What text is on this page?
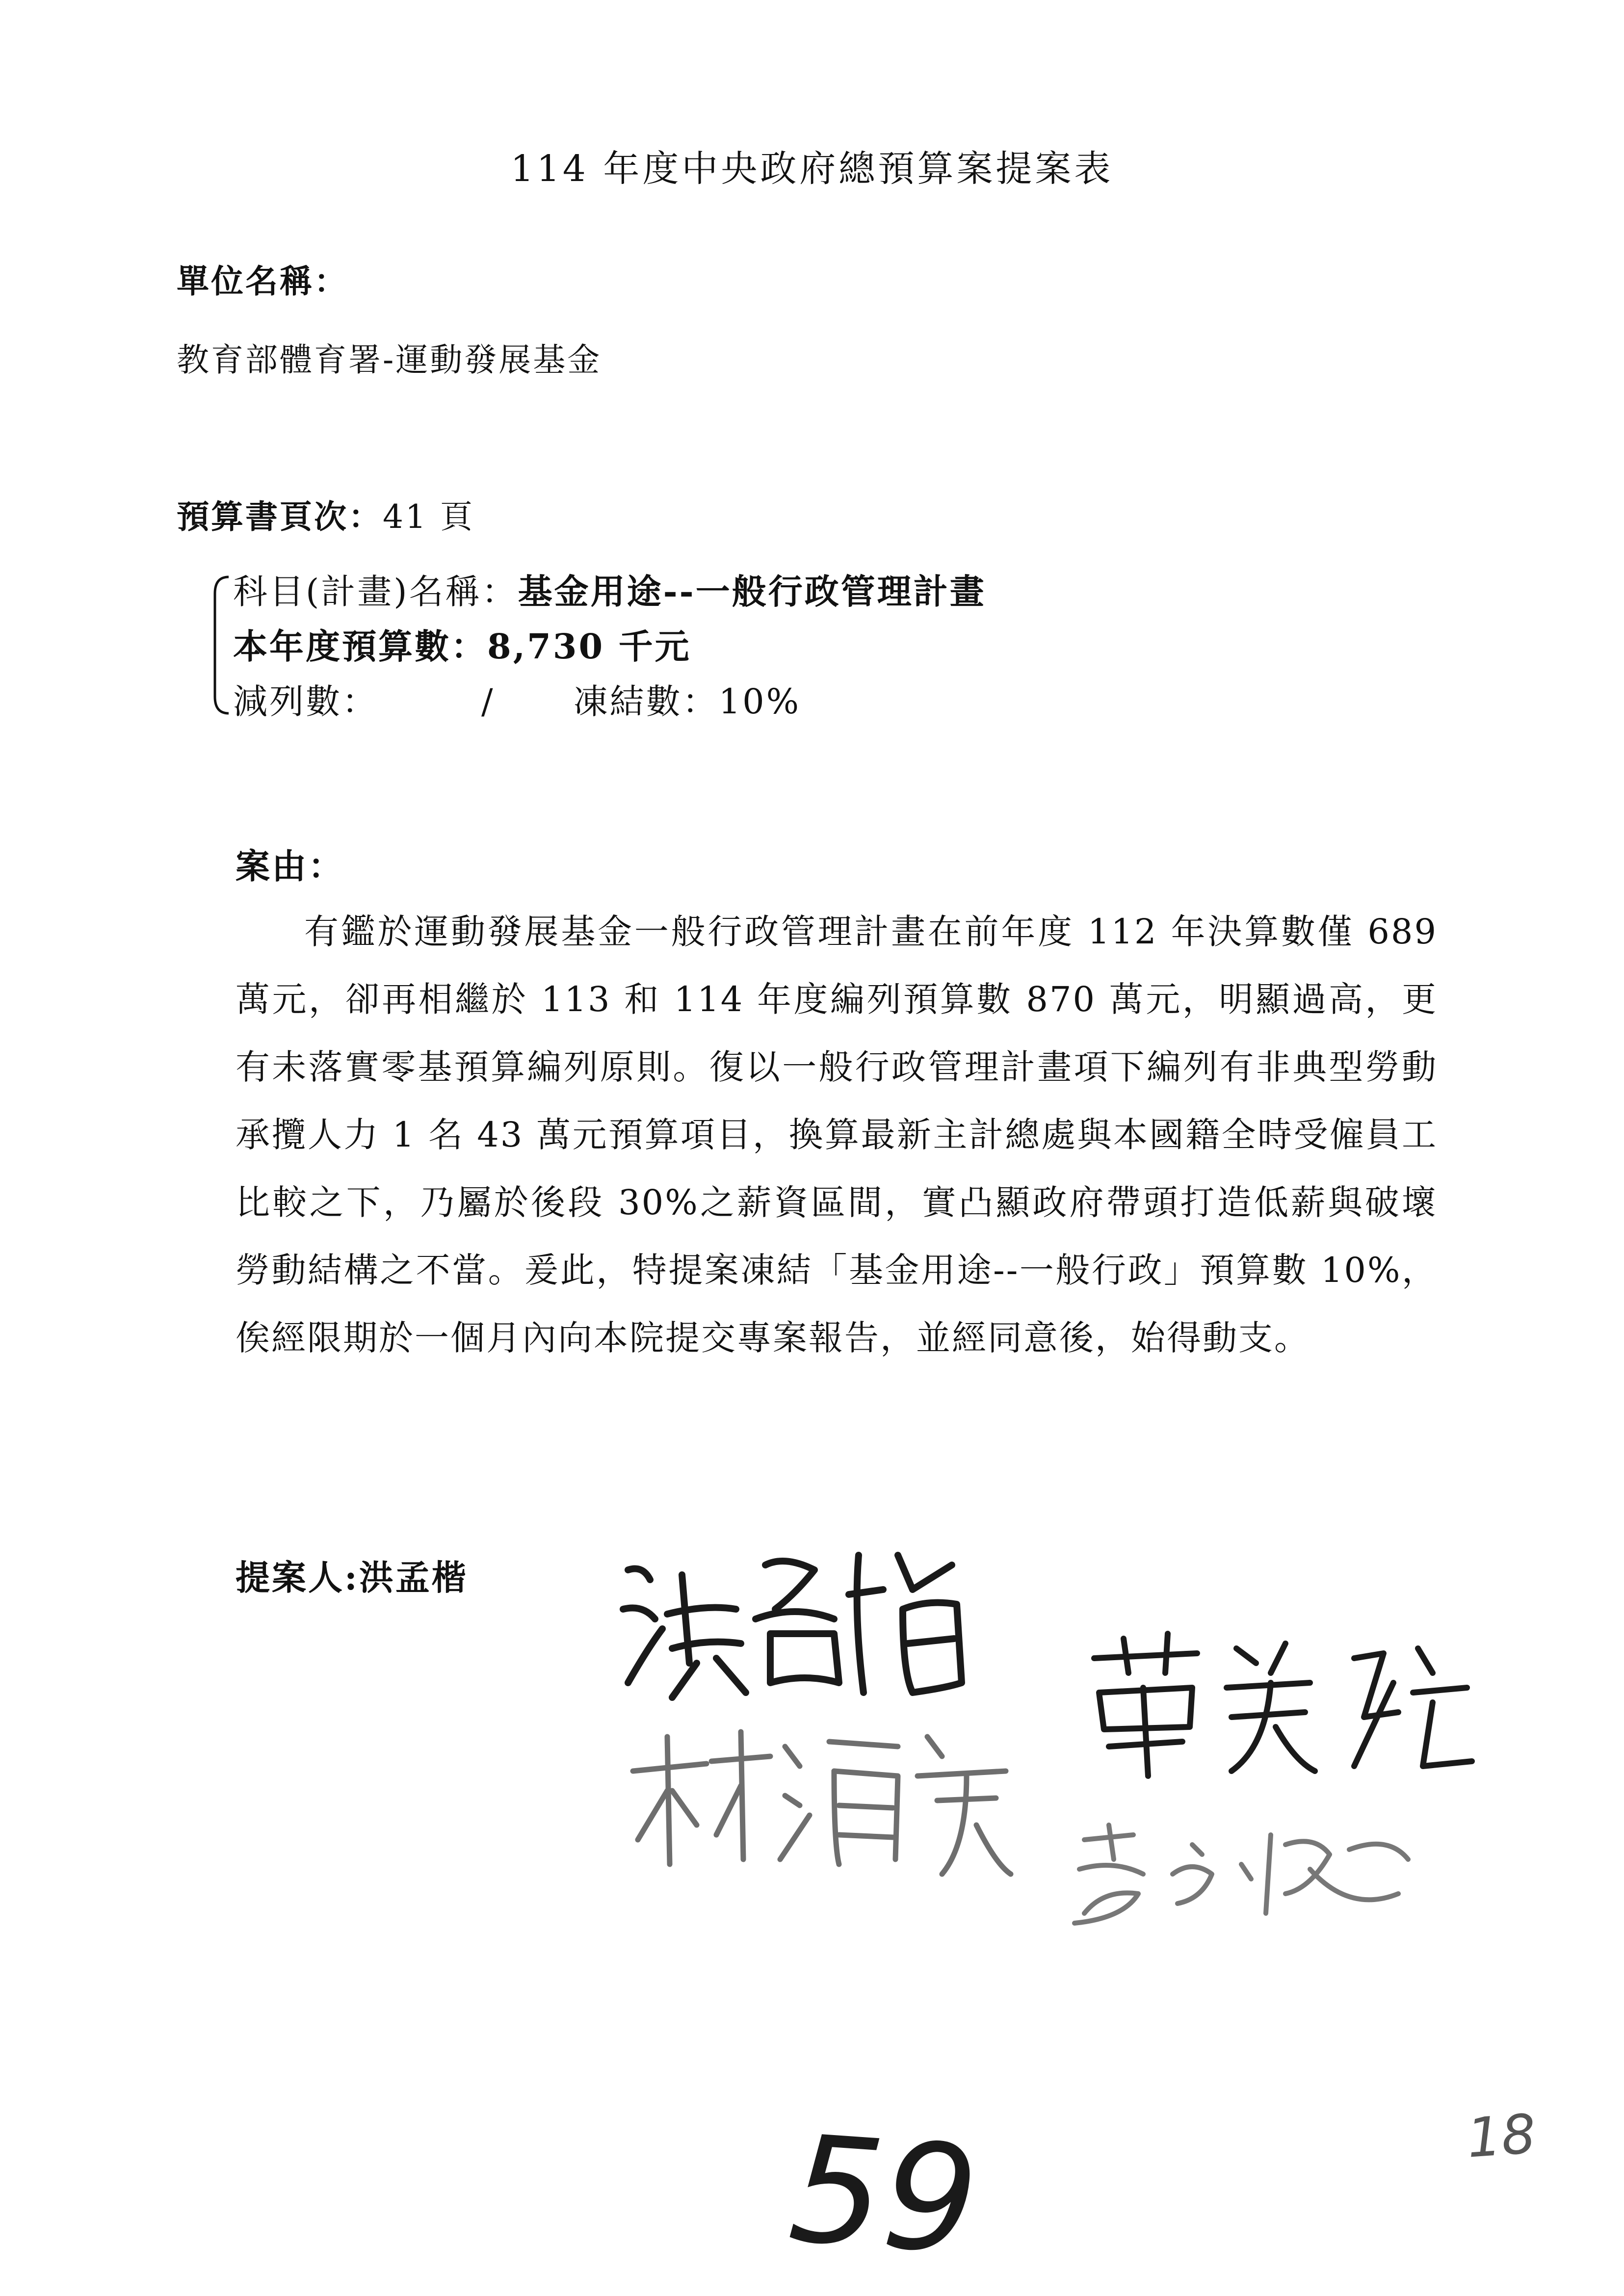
114 年度中央政府總預算案提案表
單位名稱：
教育部體育署-運動發展基金
預算書頁次：41 頁
科目(計畫)名稱：基金用途--一般行政管理計畫
本年度預算數：8,730 千元
減列數：	/ 凍結數：10%
案由：
有鑑於運動發展基金一般行政管理計畫在前年度 112 年決算數僅 689 萬元，卻再相繼於 113 和 114 年度編列預算數 870 萬元，明顯過高，更有未落實零基預算編列原則。復以一般行政管理計畫項下編列有非典型勞動承攬人力 1 名 43 萬元預算項目，換算最新主計總處與本國籍全時受僱員工比較之下，乃屬於後段 30%之薪資區間，實凸顯政府帶頭打造低薪與破壞勞動結構之不當。爰此，特提案凍結「基金用途--一般行政」預算數 10%，俟經限期於一個月內向本院提交專案報告，並經同意後，始得動支。
提案人:洪孟楷
59	18
